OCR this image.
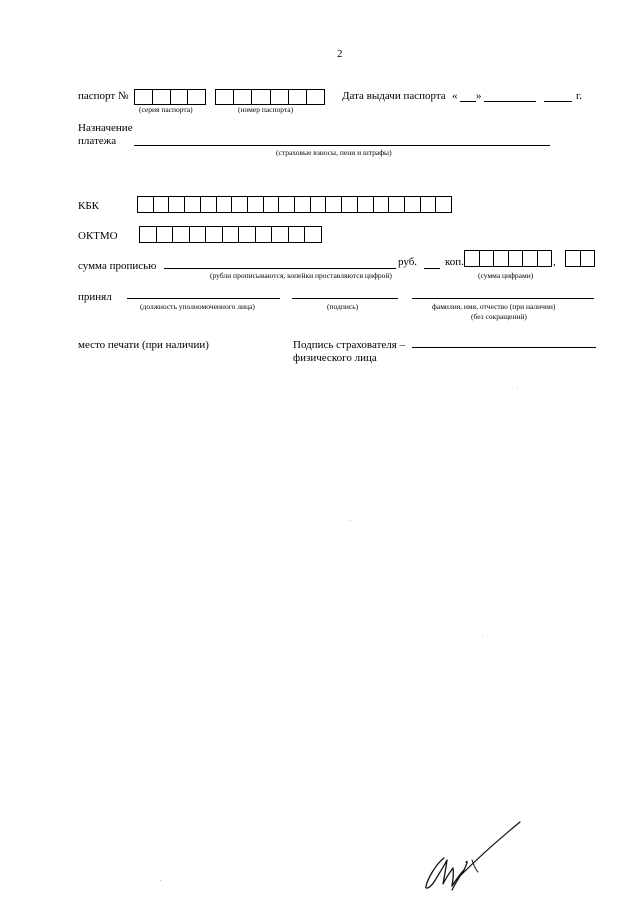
2
паспорт №
(серия паспорта)	(номер паспорта)
Дата выдачи паспорта « »	г.
Назначение
платежа
(страховые взносы, пени и штрафы)
КБК
ОКТМО
сумма прописью	руб.	коп.	,
(рубли прописываются, копейки проставляются цифрой)	(сумма цифрами)
принял
(должность уполномоченного лица)	(подпись)	фамилия, имя, отчество (при наличии)
(без сокращений)
место печати (при наличии)	Подпись страхователя –
физического лица
